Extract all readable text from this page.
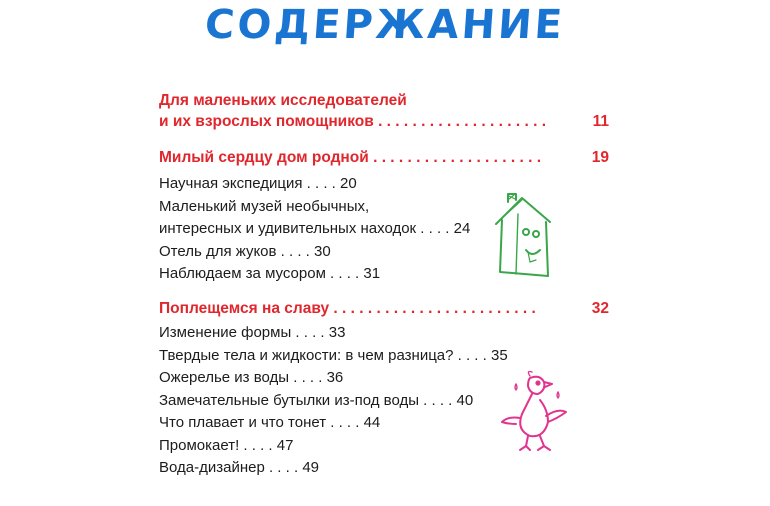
СОДЕРЖАНИЕ
Для маленьких исследователей
и их взрослых помощников . . . . . . . . . . . . . . . . . . . .	11
Милый сердцу дом родной . . . . . . . . . . . . . . . . . . . .	19
Научная экспедиция . . . . 20
Маленький музей необычных,
интересных и удивительных находок . . . . 24
Отель для жуков . . . . 30
Наблюдаем за мусором . . . . 31
Поплещемся на славу . . . . . . . . . . . . . . . . . . . . . . . .	32
Изменение формы . . . . 33
Твердые тела и жидкости: в чем разница? . . . . 35
Ожерелье из воды . . . . 36
Замечательные бутылки из-под воды . . . . 40
Что плавает и что тонет . . . . 44
Промокает! . . . . 47
Вода-дизайнер . . . . 49
